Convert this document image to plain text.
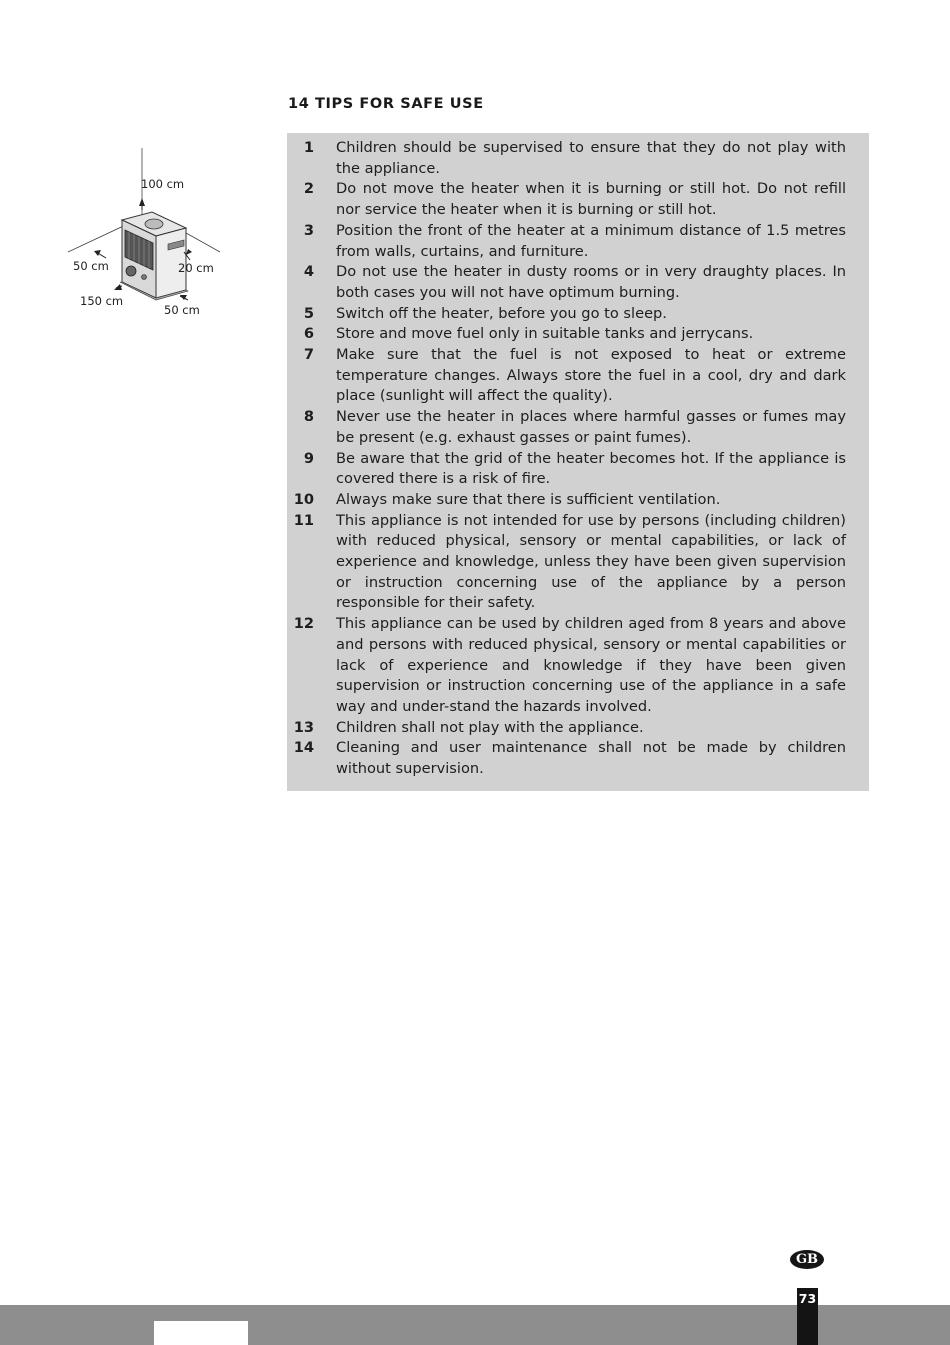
14 TIPS FOR SAFE USE
100 cm
50 cm	20 cm
150 cm
50 cm
1 Children should be supervised to ensure that they do not play with the appliance.
2 Do not move the heater when it is burning or still hot. Do not refill nor service the heater when it is burning or still hot.
3 Position the front of the heater at a minimum distance of 1.5 metres from walls, curtains, and furniture.
4 Do not use the heater in dusty rooms or in very draughty places. In both cases you will not have optimum burning.
5 Switch off the heater, before you go to sleep.
6 Store and move fuel only in suitable tanks and jerrycans.
7 Make sure that the fuel is not exposed to heat or extreme temperature changes. Always store the fuel in a cool, dry and dark place (sunlight will affect the quality).
8 Never use the heater in places where harmful gasses or fumes may be present (e.g. exhaust gasses or paint fumes).
9 Be aware that the grid of the heater becomes hot. If the appliance is covered there is a risk of fire.
10 Always make sure that there is sufficient ventilation.
11 This appliance is not intended for use by persons (including children) with reduced physical, sensory or mental capabilities, or lack of experience and knowledge, unless they have been given supervision or instruction concerning use of the appliance by a person responsible for their safety.
12 This appliance can be used by children aged from 8 years and above and persons with reduced physical, sensory or mental capabilities or lack of experience and knowledge if they have been given supervision or instruction concerning use of the appliance in a safe way and under-stand the hazards involved.
13 Children shall not play with the appliance.
14 Cleaning and user maintenance shall not be made by children without supervision.
GB
73
